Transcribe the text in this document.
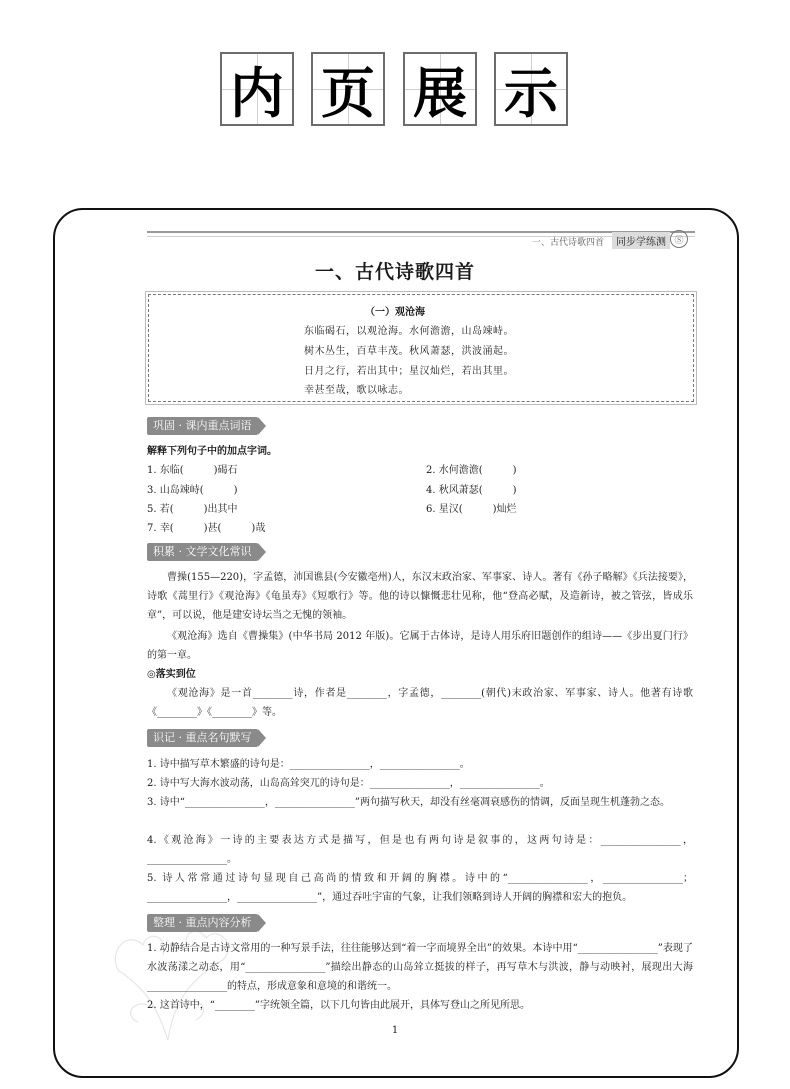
内 页 展 示
一、古代诗歌四首	同步学练测 Ⓢ
一、古代诗歌四首
（一）观沧海
东临碣石，以观沧海。水何澹澹，山岛竦峙。
树木丛生，百草丰茂。秋风萧瑟，洪波涌起。
日月之行，若出其中；星汉灿烂，若出其里。
幸甚至哉，歌以咏志。
巩固 · 课内重点词语
解释下列句子中的加点字词。
1. 东临(　　　)碣石	2. 水何澹澹(　　　)
3. 山岛竦峙(　　　)	4. 秋风萧瑟(　　　)
5. 若(　　　)出其中	6. 星汉(　　　)灿烂
7. 幸(　　　)甚(　　　)哉
积累 · 文学文化常识
曹操(155—220)，字孟德，沛国谯县(今安徽亳州)人，东汉末政治家、军事家、诗人。著有《孙子略解》《兵法接要》，诗歌《蒿里行》《观沧海》《龟虽寿》《短歌行》等。他的诗以慷慨悲壮见称，他“登高必赋，及造新诗，被之管弦，皆成乐章”，可以说，他是建安诗坛当之无愧的领袖。
《观沧海》选自《曹操集》(中华书局 2012 年版)。它属于古体诗，是诗人用乐府旧题创作的组诗——《步出夏门行》的第一章。
◎落实到位
《观沧海》是一首________诗，作者是________，字孟德，________(朝代)末政治家、军事家、诗人。他著有诗歌《________》《________》等。
识记 · 重点名句默写
1. 诗中描写草木繁盛的诗句是：________________，________________。
2. 诗中写大海水波动荡，山岛高耸突兀的诗句是：________________，________________。
3. 诗中“________________，________________”两句描写秋天，却没有丝毫凋衰感伤的情调，反面呈现生机蓬勃之态。
4.《观沧海》一诗的主要表达方式是描写，但是也有两句诗是叙事的，这两句诗是：________________，________________。
5. 诗人常常通过诗句显现自己高尚的情致和开阔的胸襟。诗中的“________________，________________；________________，________________”，通过吞吐宇宙的气象，让我们领略到诗人开阔的胸襟和宏大的抱负。
整理 · 重点内容分析
1. 动静结合是古诗文常用的一种写景手法，往往能够达到“着一字而境界全出”的效果。本诗中用“________________”表现了水波荡漾之动态，用“________________”描绘出静态的山岛耸立挺拔的样子，再写草木与洪波，静与动映衬，展现出大海________________的特点，形成意象和意境的和谐统一。
2. 这首诗中，“________”字统领全篇，以下几句皆由此展开，具体写登山之所见所思。
1
